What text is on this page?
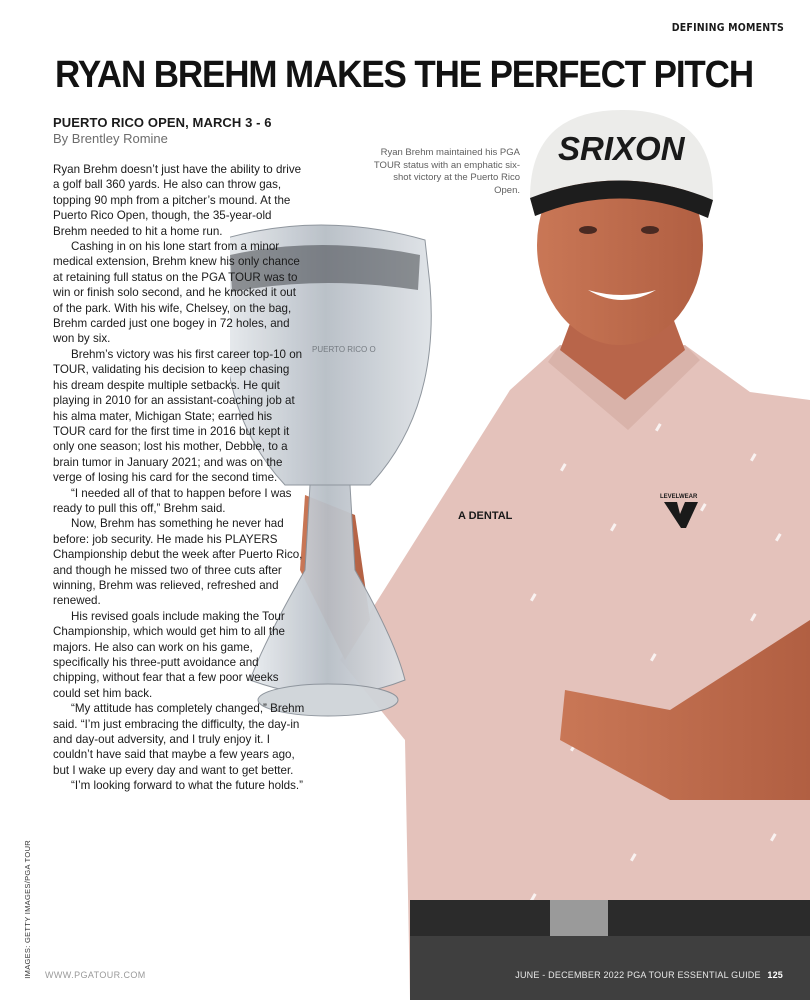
DEFINING MOMENTS
RYAN BREHM MAKES THE PERFECT PITCH
PUERTO RICO OPEN, MARCH 3 - 6
By Brentley Romine	SRIXON
A DENTAL
LEVELWEAR
PUERTO RICO O

Ryan Brehm maintained his PGA TOUR status with an emphatic six-shot victory at the Puerto Rico Open.

Ryan Brehm doesn’t just have the ability to drive a golf ball 360 yards. He also can throw gas, topping 90 mph from a pitcher’s mound. At the Puerto Rico Open, though, the 35-year-old Brehm needed to hit a home run.

Cashing in on his lone start from a minor medical extension, Brehm knew his only chance at retaining full status on the PGA TOUR was to win or finish solo second, and he knocked it out of the park. With his wife, Chelsey, on the bag, Brehm carded just one bogey in 72 holes, and won by six.

Brehm’s victory was his first career top-10 on TOUR, validating his decision to keep chasing his dream despite multiple setbacks. He quit playing in 2010 for an assistant-coaching job at his alma mater, Michigan State; earned his TOUR card for the first time in 2016 but kept it only one season; lost his mother, Debbie, to a brain tumor in January 2021; and was on the verge of losing his card for the second time.

“I needed all of that to happen before I was ready to pull this off,” Brehm said.

Now, Brehm has something he never had before: job security. He made his PLAYERS Championship debut the week after Puerto Rico, and though he missed two of three cuts after winning, Brehm was relieved, refreshed and renewed.

His revised goals include making the Tour Championship, which would get him to all the majors. He also can work on his game, specifically his three-putt avoidance and chipping, without fear that a few poor weeks could set him back.

“My attitude has completely changed,” Brehm said. “I’m just embracing the difficulty, the day-in and day-out adversity, and I truly enjoy it. I couldn’t have said that maybe a few years ago, but I wake up every day and want to get better.

“I’m looking forward to what the future holds.”

IMAGES: GETTY IMAGES/PGA TOUR WWW.PGATOUR.COM	JUNE - DECEMBER 2022 PGA TOUR ESSENTIAL GUIDE 125
